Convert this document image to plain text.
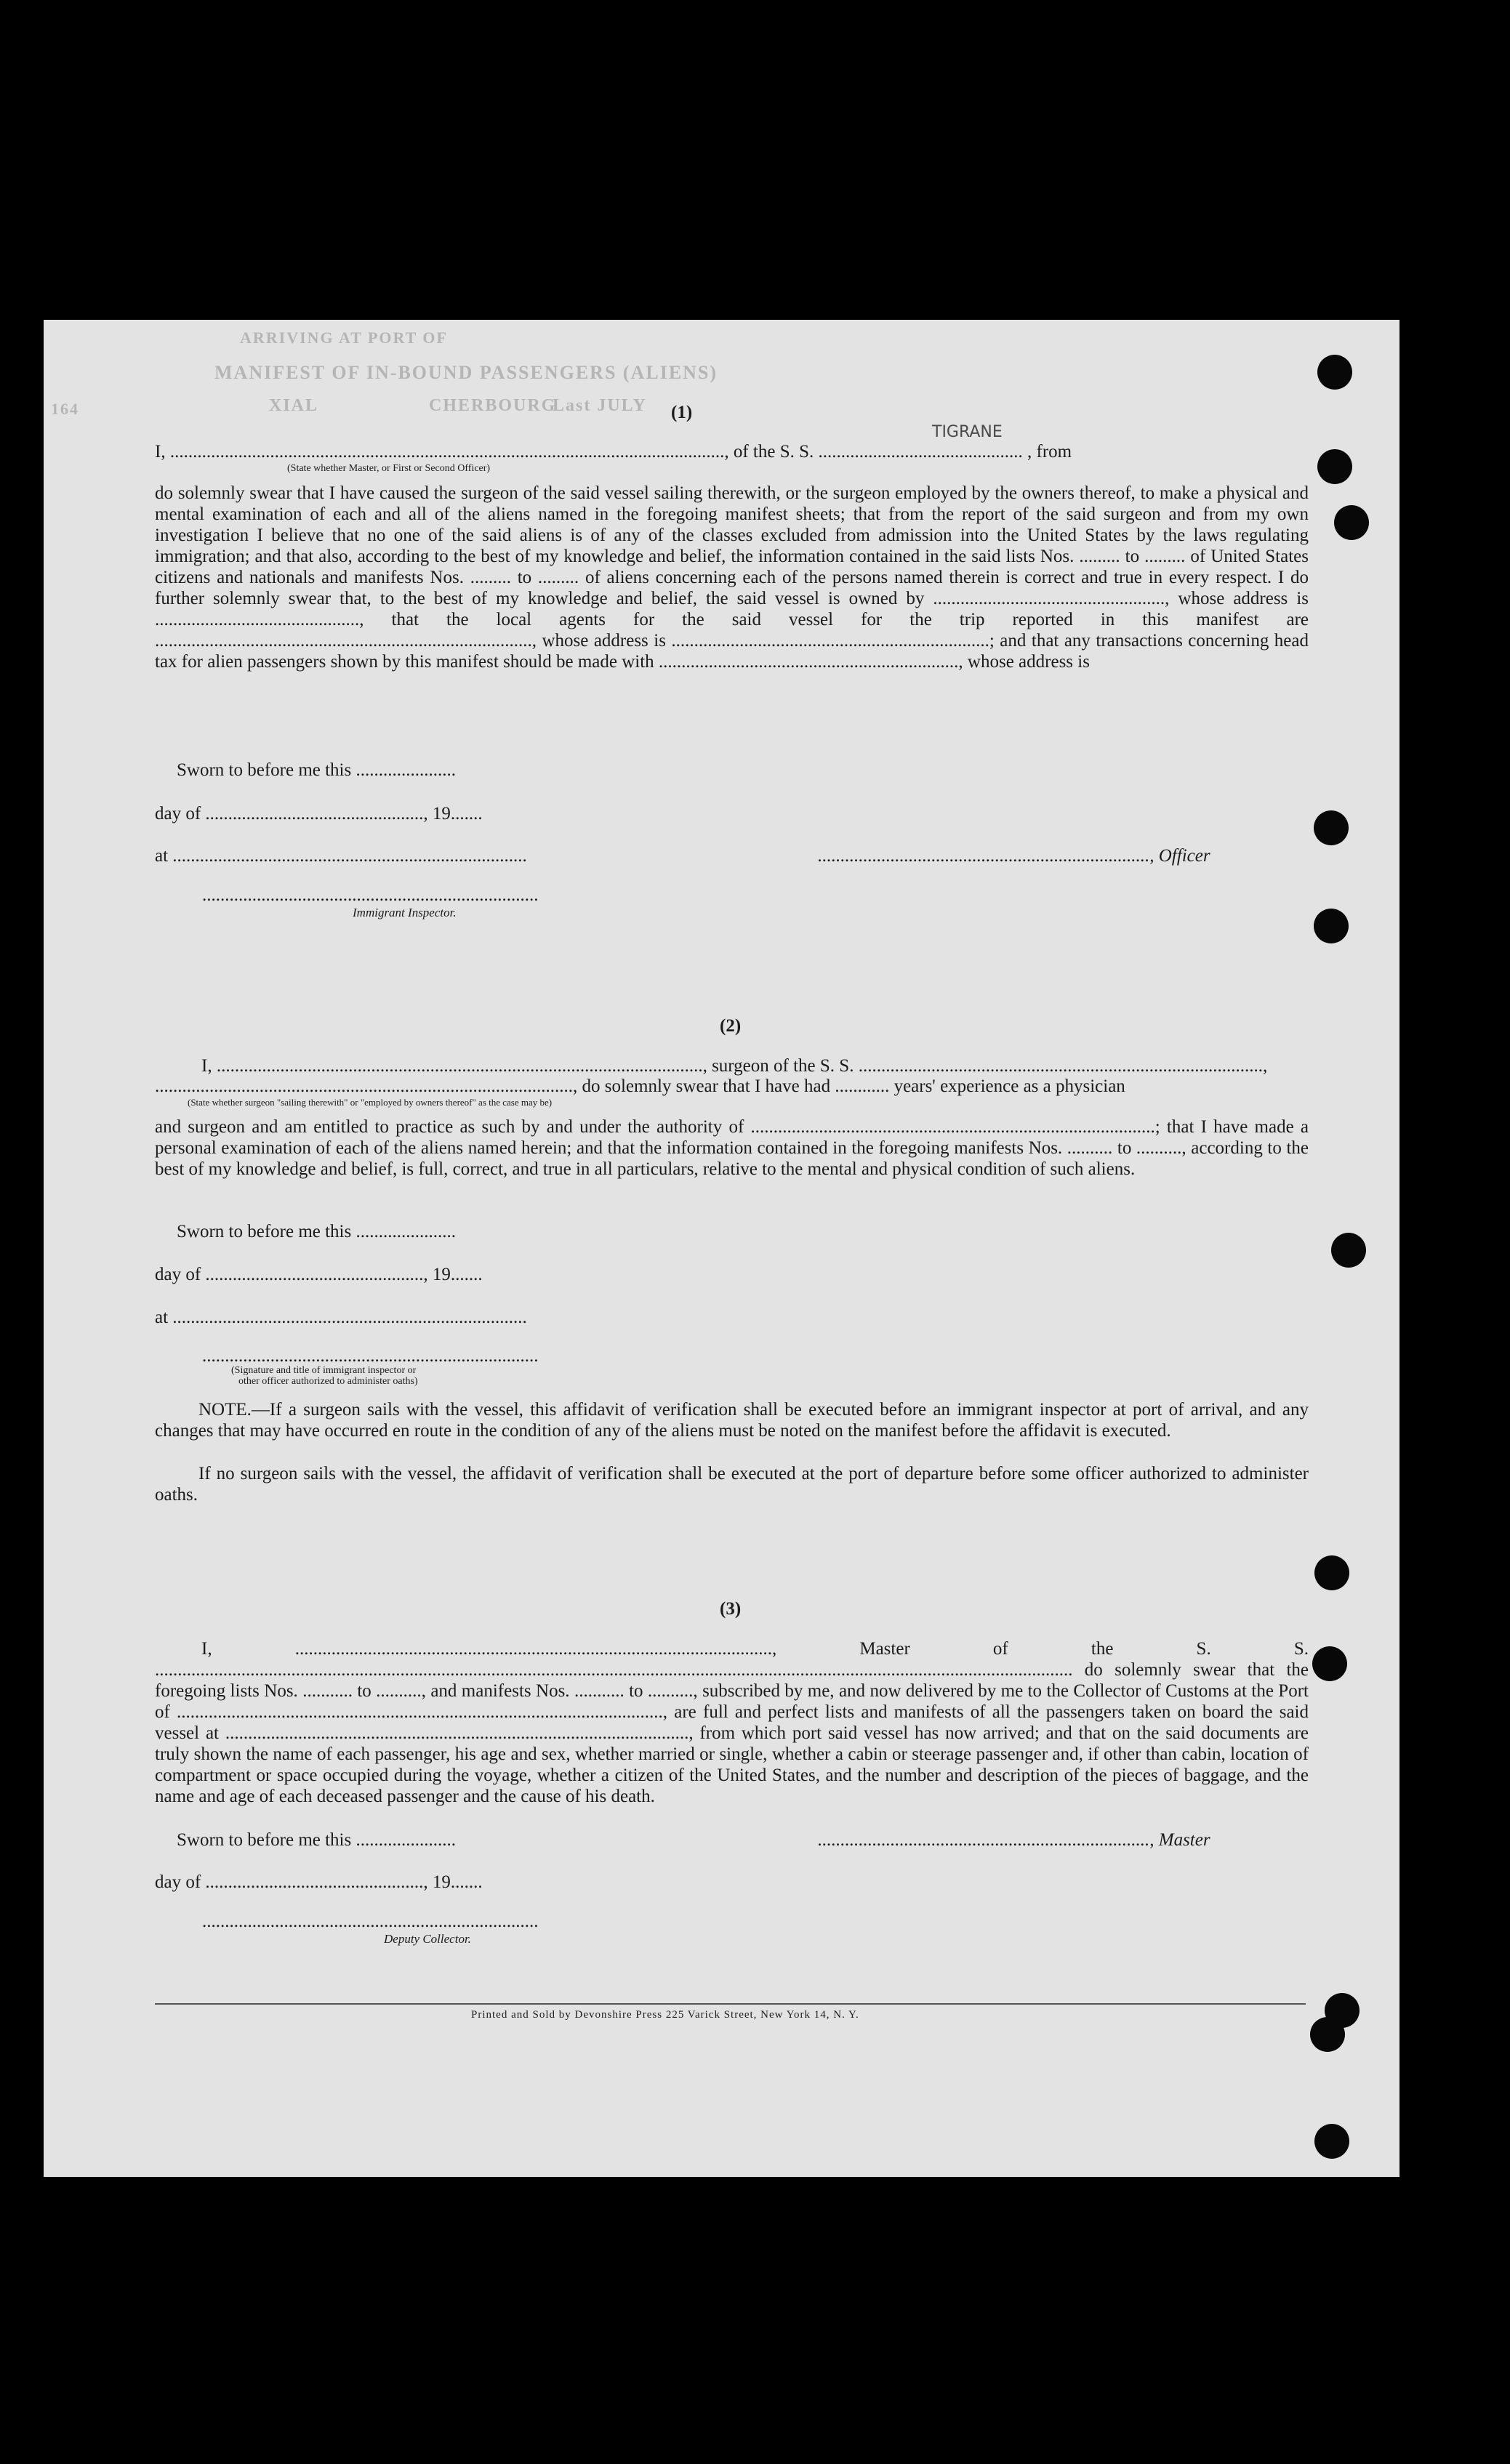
MANIFEST OF IN-BOUND PASSENGERS (ALIENS)
ARRIVING AT PORT OF
XIAL	CHERBOURG
Last JULY
164	(1)
I, .........................................................................................................................., of the S. S. .............................................
TIGRANE
, from
(State whether Master, or First or Second Officer)
do solemnly swear that I have caused the surgeon of the said vessel sailing therewith, or the surgeon employed by the owners thereof, to make a physical and mental examination of each and all of the aliens named in the foregoing manifest sheets; that from the report of the said surgeon and from my own investigation I believe that no one of the said aliens is of any of the classes excluded from admission into the United States by the laws regulating immigration; and that also, according to the best of my knowledge and belief, the information contained in the said lists Nos. ......... to ......... of United States citizens and nationals and manifests Nos. ......... to ......... of aliens concerning each of the persons named therein is correct and true in every respect. I do further solemnly swear that, to the best of my knowledge and belief, the said vessel is owned by ..................................................., whose address is ............................................., that the local agents for the said vessel for the trip reported in this manifest are ..................................................................................., whose address is ......................................................................; and that any transactions concerning head tax for alien passengers shown by this manifest should be made with .................................................................., whose address is
Sworn to before me this ......................
day of ................................................, 19.......
at ..............................................................................	........................................................................., Officer
..........................................................................
Immigrant Inspector.
(2)
I, ..........................................................................................................., surgeon of the S. S. .........................................................................................,
............................................................................................, do solemnly swear that I have had ............ years' experience as a physician
(State whether surgeon "sailing therewith" or "employed by owners thereof" as the case may be)
and surgeon and am entitled to practice as such by and under the authority of .........................................................................................; that I have made a personal examination of each of the aliens named herein; and that the information contained in the foregoing manifests Nos. .......... to .........., according to the best of my knowledge and belief, is full, correct, and true in all particulars, relative to the mental and physical condition of such aliens.
Sworn to before me this ......................
day of ................................................, 19.......
at ..............................................................................
..........................................................................
(Signature and title of immigrant inspector or
other officer authorized to administer oaths)
NOTE.—If a surgeon sails with the vessel, this affidavit of verification shall be executed before an immigrant inspector at port of arrival, and any changes that may have occurred en route in the condition of any of the aliens must be noted on the manifest before the affidavit is executed.
If no surgeon sails with the vessel, the affidavit of verification shall be executed at the port of departure before some officer authorized to administer oaths.
(3)
I, ........................................................................................................., Master of the S. S. .......................................................................................................................................................................................................... do solemnly swear that the foregoing lists Nos. ........... to .........., and manifests Nos. ........... to .........., subscribed by me, and now delivered by me to the Collector of Customs at the Port of ..........................................................................................................., are full and perfect lists and manifests of all the passengers taken on board the said vessel at ......................................................................................................, from which port said vessel has now arrived; and that on the said documents are truly shown the name of each passenger, his age and sex, whether married or single, whether a cabin or steerage passenger and, if other than cabin, location of compartment or space occupied during the voyage, whether a citizen of the United States, and the number and description of the pieces of baggage, and the name and age of each deceased passenger and the cause of his death.
Sworn to before me this ......................	........................................................................., Master
day of ................................................, 19.......
..........................................................................
Deputy Collector.
Printed and Sold by Devonshire Press 225 Varick Street, New York 14, N. Y.
